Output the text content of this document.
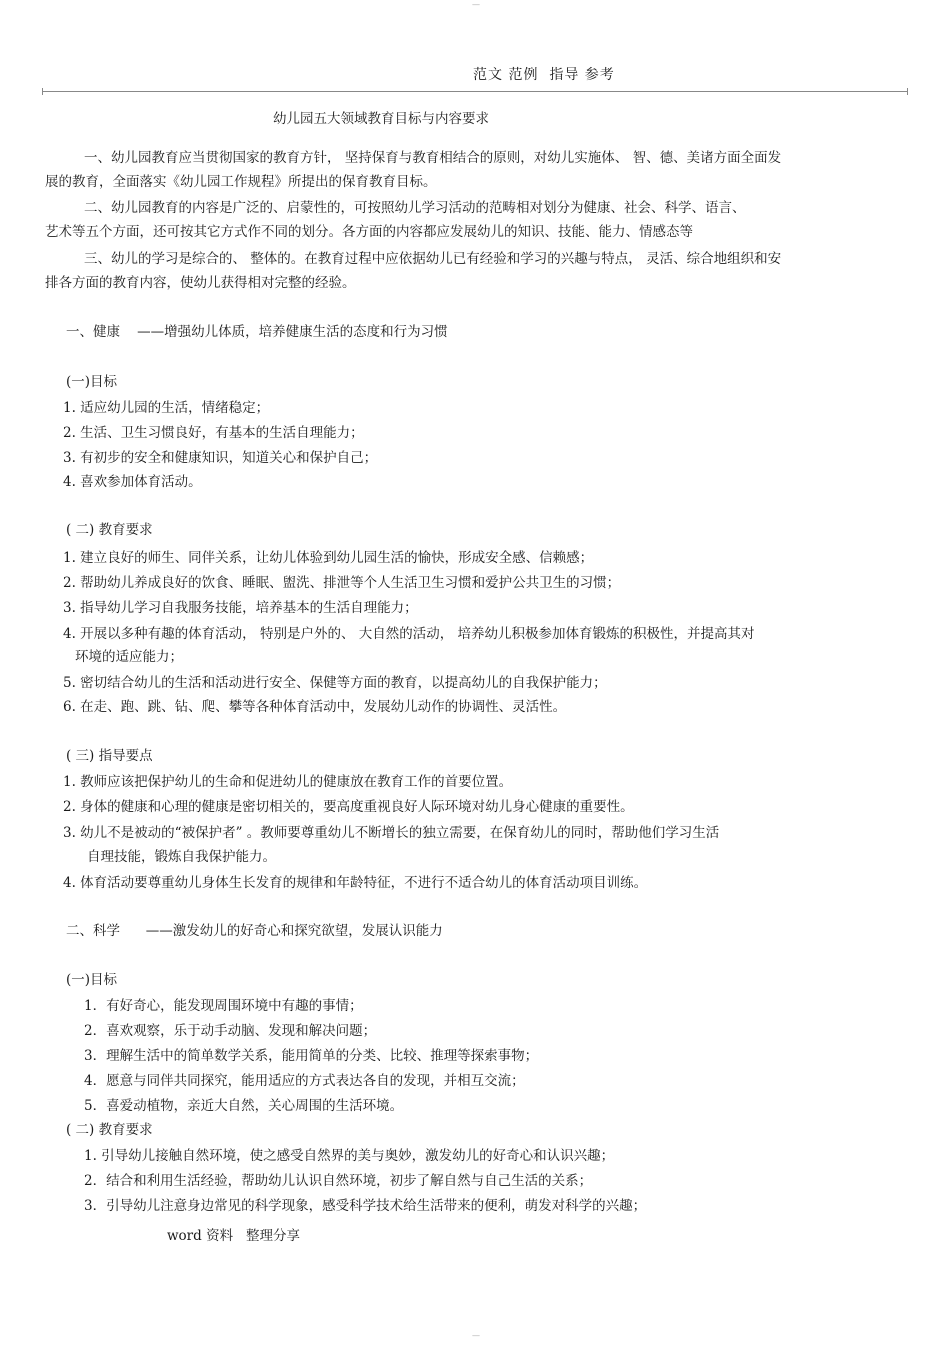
—
范文 范例  指导 参考
幼儿园五大领域教育目标与内容要求
一、幼儿园教育应当贯彻国家的教育方针， 坚持保育与教育相结合的原则，对幼儿实施体、 智、德、美诸方面全面发
展的教育，全面落实《幼儿园工作规程》所提出的保育教育目标。
二、幼儿园教育的内容是广泛的、启蒙性的，可按照幼儿学习活动的范畴相对划分为健康、社会、科学、语言、
艺术等五个方面，还可按其它方式作不同的划分。各方面的内容都应发展幼儿的知识、技能、能力、情感态等
三、幼儿的学习是综合的、 整体的。在教育过程中应依据幼儿已有经验和学习的兴趣与特点， 灵活、综合地组织和安
排各方面的教育内容，使幼儿获得相对完整的经验。
一、健康    ——增强幼儿体质，培养健康生活的态度和行为习惯
(一)目标
1. 适应幼儿园的生活，情绪稳定；
2. 生活、卫生习惯良好，有基本的生活自理能力；
3. 有初步的安全和健康知识，知道关心和保护自己；
4. 喜欢参加体育活动。
( 二) 教育要求
1. 建立良好的师生、同伴关系，让幼儿体验到幼儿园生活的愉快，形成安全感、信赖感；
2. 帮助幼儿养成良好的饮食、睡眠、盥洗、排泄等个人生活卫生习惯和爱护公共卫生的习惯；
3. 指导幼儿学习自我服务技能，培养基本的生活自理能力；
4. 开展以多种有趣的体育活动， 特别是户外的、 大自然的活动， 培养幼儿积极参加体育锻炼的积极性，并提高其对
环境的适应能力；
5. 密切结合幼儿的生活和活动进行安全、保健等方面的教育，以提高幼儿的自我保护能力；
6. 在走、跑、跳、钻、爬、攀等各种体育活动中，发展幼儿动作的协调性、灵活性。
( 三) 指导要点
1. 教师应该把保护幼儿的生命和促进幼儿的健康放在教育工作的首要位置。
2. 身体的健康和心理的健康是密切相关的，要高度重视良好人际环境对幼儿身心健康的重要性。
3. 幼儿不是被动的“被保护者” 。教师要尊重幼儿不断增长的独立需要，在保育幼儿的同时，帮助他们学习生活
自理技能，锻炼自我保护能力。
4. 体育活动要尊重幼儿身体生长发育的规律和年龄特征，不进行不适合幼儿的体育活动项目训练。
二、科学      ——激发幼儿的好奇心和探究欲望，发展认识能力
(一)目标
1．有好奇心，能发现周围环境中有趣的事情；
2．喜欢观察，乐于动手动脑、发现和解决问题；
3．理解生活中的简单数学关系，能用简单的分类、比较、推理等探索事物；
4．愿意与同伴共同探究，能用适应的方式表达各自的发现，并相互交流；
5．喜爱动植物，亲近大自然，关心周围的生活环境。
( 二) 教育要求
1. 引导幼儿接触自然环境，使之感受自然界的美与奥妙，激发幼儿的好奇心和认识兴趣；
2．结合和利用生活经验，帮助幼儿认识自然环境，初步了解自然与自己生活的关系；
3．引导幼儿注意身边常见的科学现象，感受科学技术给生活带来的便利，萌发对科学的兴趣；
word 资料   整理分享
—
